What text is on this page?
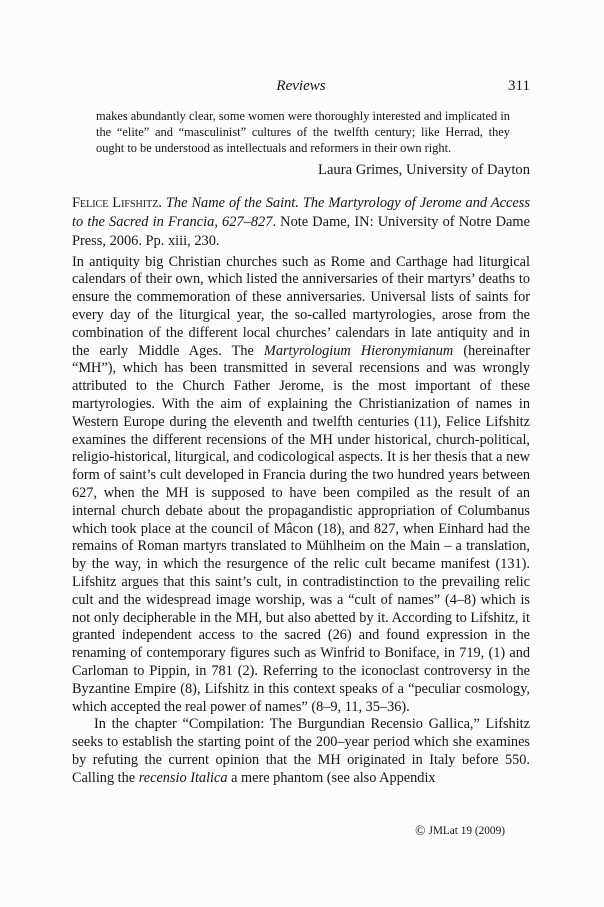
Reviews	311
makes abundantly clear, some women were thoroughly interested and implicated in the “elite” and “masculinist” cultures of the twelfth century; like Herrad, they ought to be understood as intellectuals and reformers in their own right.
Laura Grimes, University of Dayton

Felice Lifshitz. The Name of the Saint. The Martyrology of Jerome and Access to the Sacred in Francia, 627–827. Note Dame, IN: University of Notre Dame Press, 2006. Pp. xiii, 230.

In antiquity big Christian churches such as Rome and Carthage had liturgical calendars of their own, which listed the anniversaries of their martyrs’ deaths to ensure the commemoration of these anniversaries. Universal lists of saints for every day of the liturgical year, the so-called martyrologies, arose from the combination of the different local churches’ calendars in late antiquity and in the early Middle Ages. The Martyrologium Hieronymianum (hereinafter “MH”), which has been transmitted in several recensions and was wrongly attributed to the Church Father Jerome, is the most important of these martyrologies. With the aim of explaining the Christianization of names in Western Europe during the eleventh and twelfth centuries (11), Felice Lifshitz examines the different recensions of the MH under historical, church-political, religio-historical, liturgical, and codicological aspects. It is her thesis that a new form of saint’s cult developed in Francia during the two hundred years between 627, when the MH is supposed to have been compiled as the result of an internal church debate about the propagandistic appropriation of Columbanus which took place at the council of Mâcon (18), and 827, when Einhard had the remains of Roman martyrs translated to Mühlheim on the Main – a translation, by the way, in which the resurgence of the relic cult became manifest (131). Lifshitz argues that this saint’s cult, in contradistinction to the prevailing relic cult and the widespread image worship, was a “cult of names” (4–8) which is not only decipherable in the MH, but also abetted by it. According to Lifshitz, it granted independent access to the sacred (26) and found expression in the renaming of contemporary figures such as Winfrid to Boniface, in 719, (1) and Carloman to Pippin, in 781 (2). Referring to the iconoclast controversy in the Byzantine Empire (8), Lifshitz in this context speaks of a “peculiar cosmology, which accepted the real power of names” (8–9, 11, 35–36).

In the chapter “Compilation: The Burgundian Recensio Gallica,” Lifshitz seeks to establish the starting point of the 200–year period which she examines by refuting the current opinion that the MH originated in Italy before 550. Calling the recensio Italica a mere phantom (see also Appendix

© JMLat 19 (2009)
